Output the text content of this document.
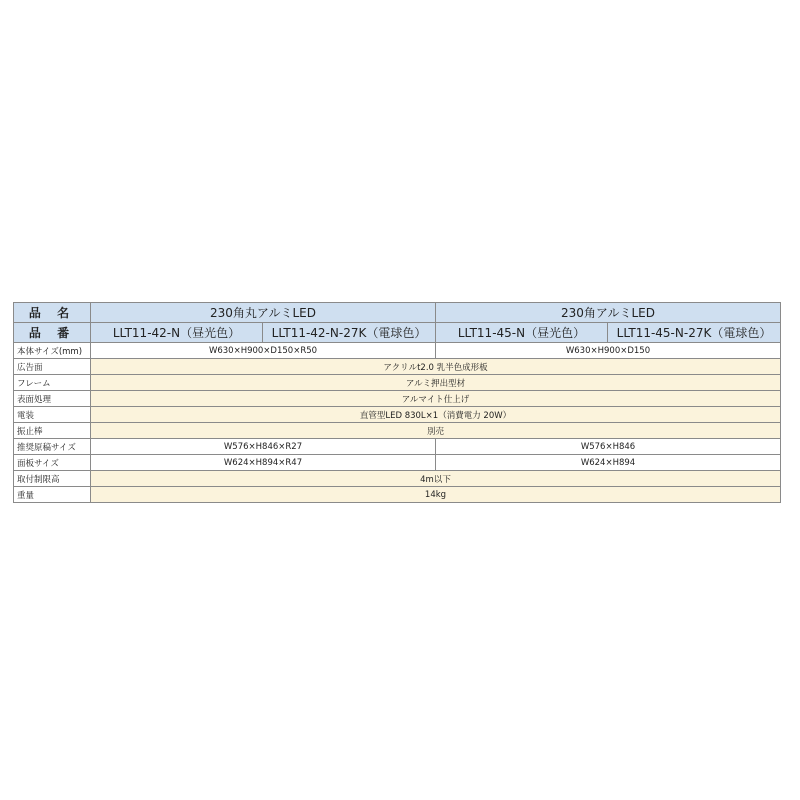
品 名	230角丸アルミLED		230角アルミLED	
品 番	LLT11-42-N（昼光色）	LLT11-42-N-27K（電球色）	LLT11-45-N（昼光色）	LLT11-45-N-27K（電球色）
本体サイズ(mm)	W630×H900×D150×R50		W630×H900×D150	
広告面	アクリルt2.0 乳半色成形板			
フレーム	アルミ押出型材			
表面処理	アルマイト仕上げ			
電装	直管型LED 830L×1（消費電力 20W）			
振止棒	別売			
推奨原稿サイズ	W576×H846×R27		W576×H846	
面板サイズ	W624×H894×R47		W624×H894	
取付制限高	4m以下			
重量	14kg			
